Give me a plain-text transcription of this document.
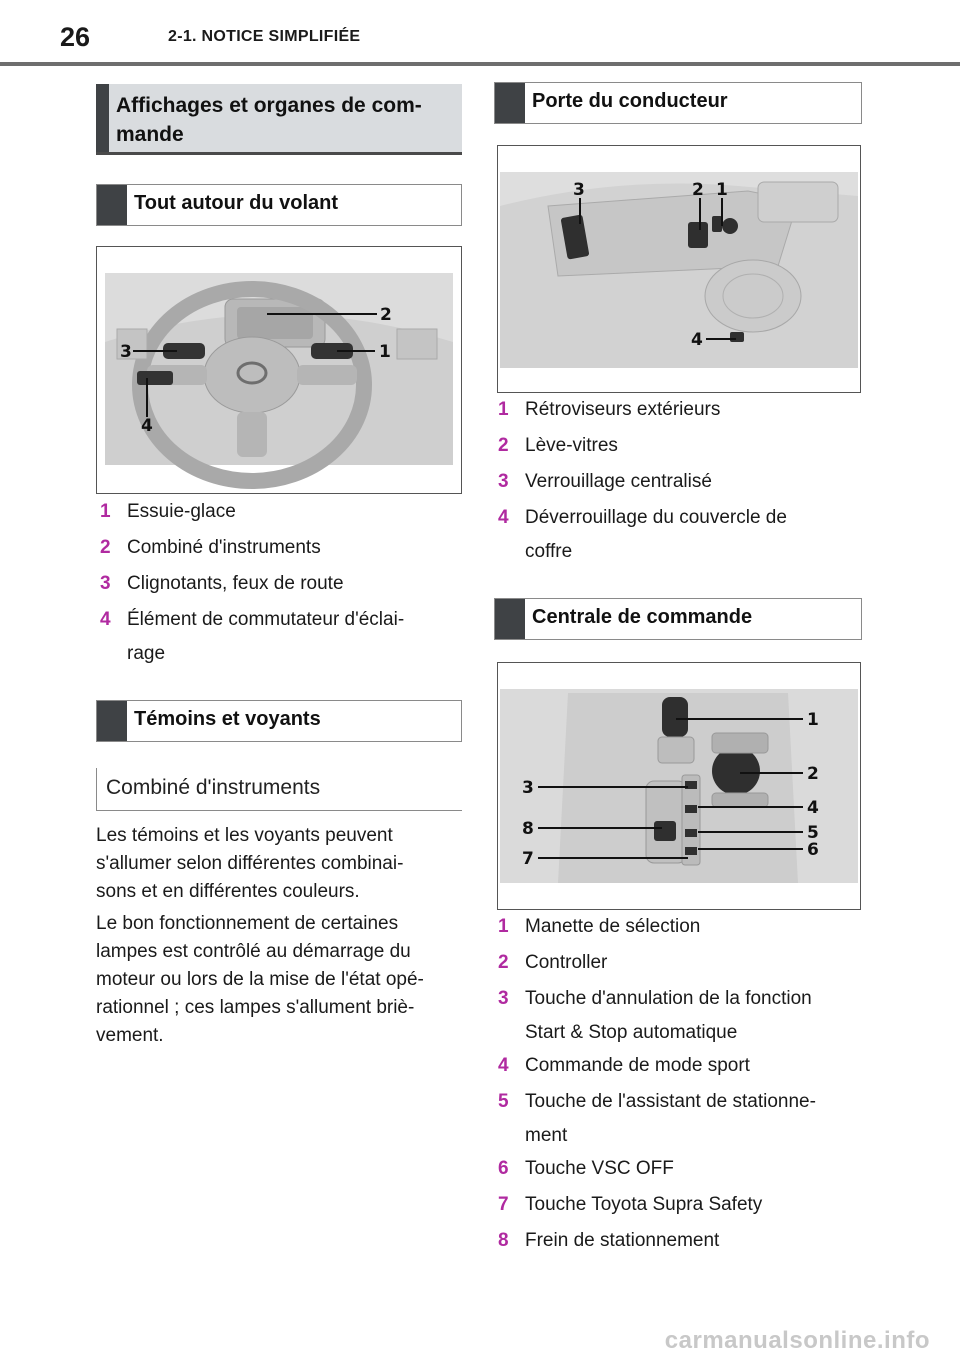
26	2-1. NOTICE SIMPLIFIÉE
Affichages et organes de com-
mande
Tout autour du volant
2
1
3
4
1 Essuie-glace
2 Combiné d'instruments
3 Clignotants, feux de route
4 Élément de commutateur d'éclai-
rage
Témoins et voyants
Combiné d'instruments
Les témoins et les voyants peuvent
s'allumer selon différentes combinai-
sons et en différentes couleurs.
Le bon fonctionnement de certaines
lampes est contrôlé au démarrage du
moteur ou lors de la mise de l'état opé-
rationnel ; ces lampes s'allument briè-
vement.
Porte du conducteur
3	2 1
4
1 Rétroviseurs extérieurs
2 Lève-vitres
3 Verrouillage centralisé
4 Déverrouillage du couvercle de
coffre
Centrale de commande
1
2
3
4
5
6
7
8
1 Manette de sélection
2 Controller
3 Touche d'annulation de la fonction
Start & Stop automatique
4 Commande de mode sport
5 Touche de l'assistant de stationne-
ment
6 Touche VSC OFF
7 Touche Toyota Supra Safety
8 Frein de stationnement
carmanualsonline.info
